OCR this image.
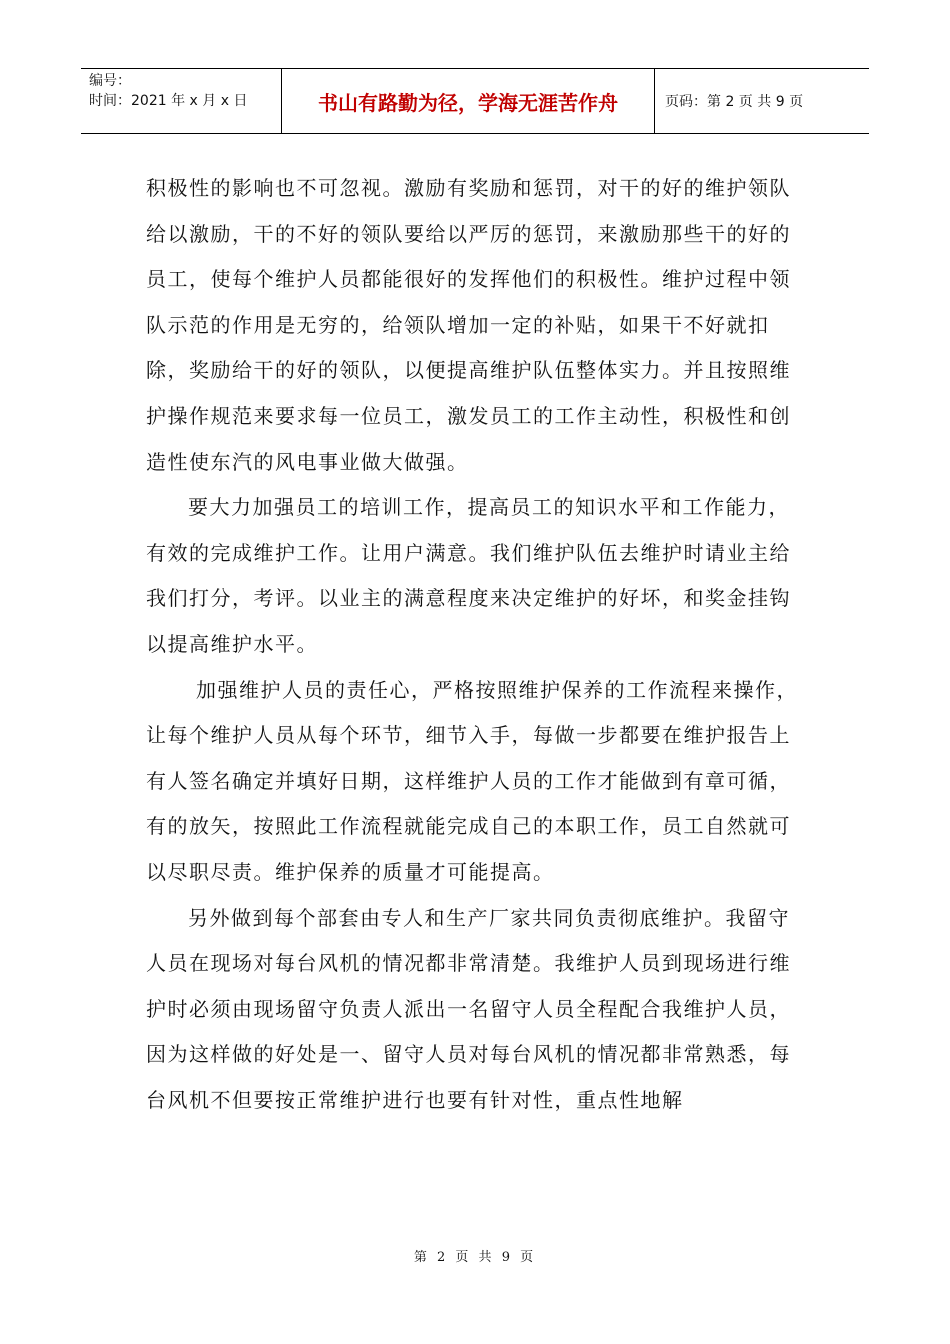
编号：
时间：2021 年 x 月 x 日	书山有路勤为径，学海无涯苦作舟	页码：第 2 页 共 9 页

积极性的影响也不可忽视。激励有奖励和惩罚，对干的好的维护领队给以激励，干的不好的领队要给以严厉的惩罚，来激励那些干的好的员工，使每个维护人员都能很好的发挥他们的积极性。维护过程中领队示范的作用是无穷的，给领队增加一定的补贴，如果干不好就扣除，奖励给干的好的领队，以便提高维护队伍整体实力。并且按照维护操作规范来要求每一位员工，激发员工的工作主动性，积极性和创造性使东汽的风电事业做大做强。

要大力加强员工的培训工作，提高员工的知识水平和工作能力，有效的完成维护工作。让用户满意。我们维护队伍去维护时请业主给我们打分，考评。以业主的满意程度来决定维护的好坏，和奖金挂钩以提高维护水平。

加强维护人员的责任心，严格按照维护保养的工作流程来操作，让每个维护人员从每个环节，细节入手，每做一步都要在维护报告上有人签名确定并填好日期，这样维护人员的工作才能做到有章可循，有的放矢，按照此工作流程就能完成自己的本职工作，员工自然就可以尽职尽责。维护保养的质量才可能提高。

另外做到每个部套由专人和生产厂家共同负责彻底维护。我留守人员在现场对每台风机的情况都非常清楚。我维护人员到现场进行维护时必须由现场留守负责人派出一名留守人员全程配合我维护人员，因为这样做的好处是一、留守人员对每台风机的情况都非常熟悉，每台风机不但要按正常维护进行也要有针对性，重点性地解

第 2 页 共 9 页
